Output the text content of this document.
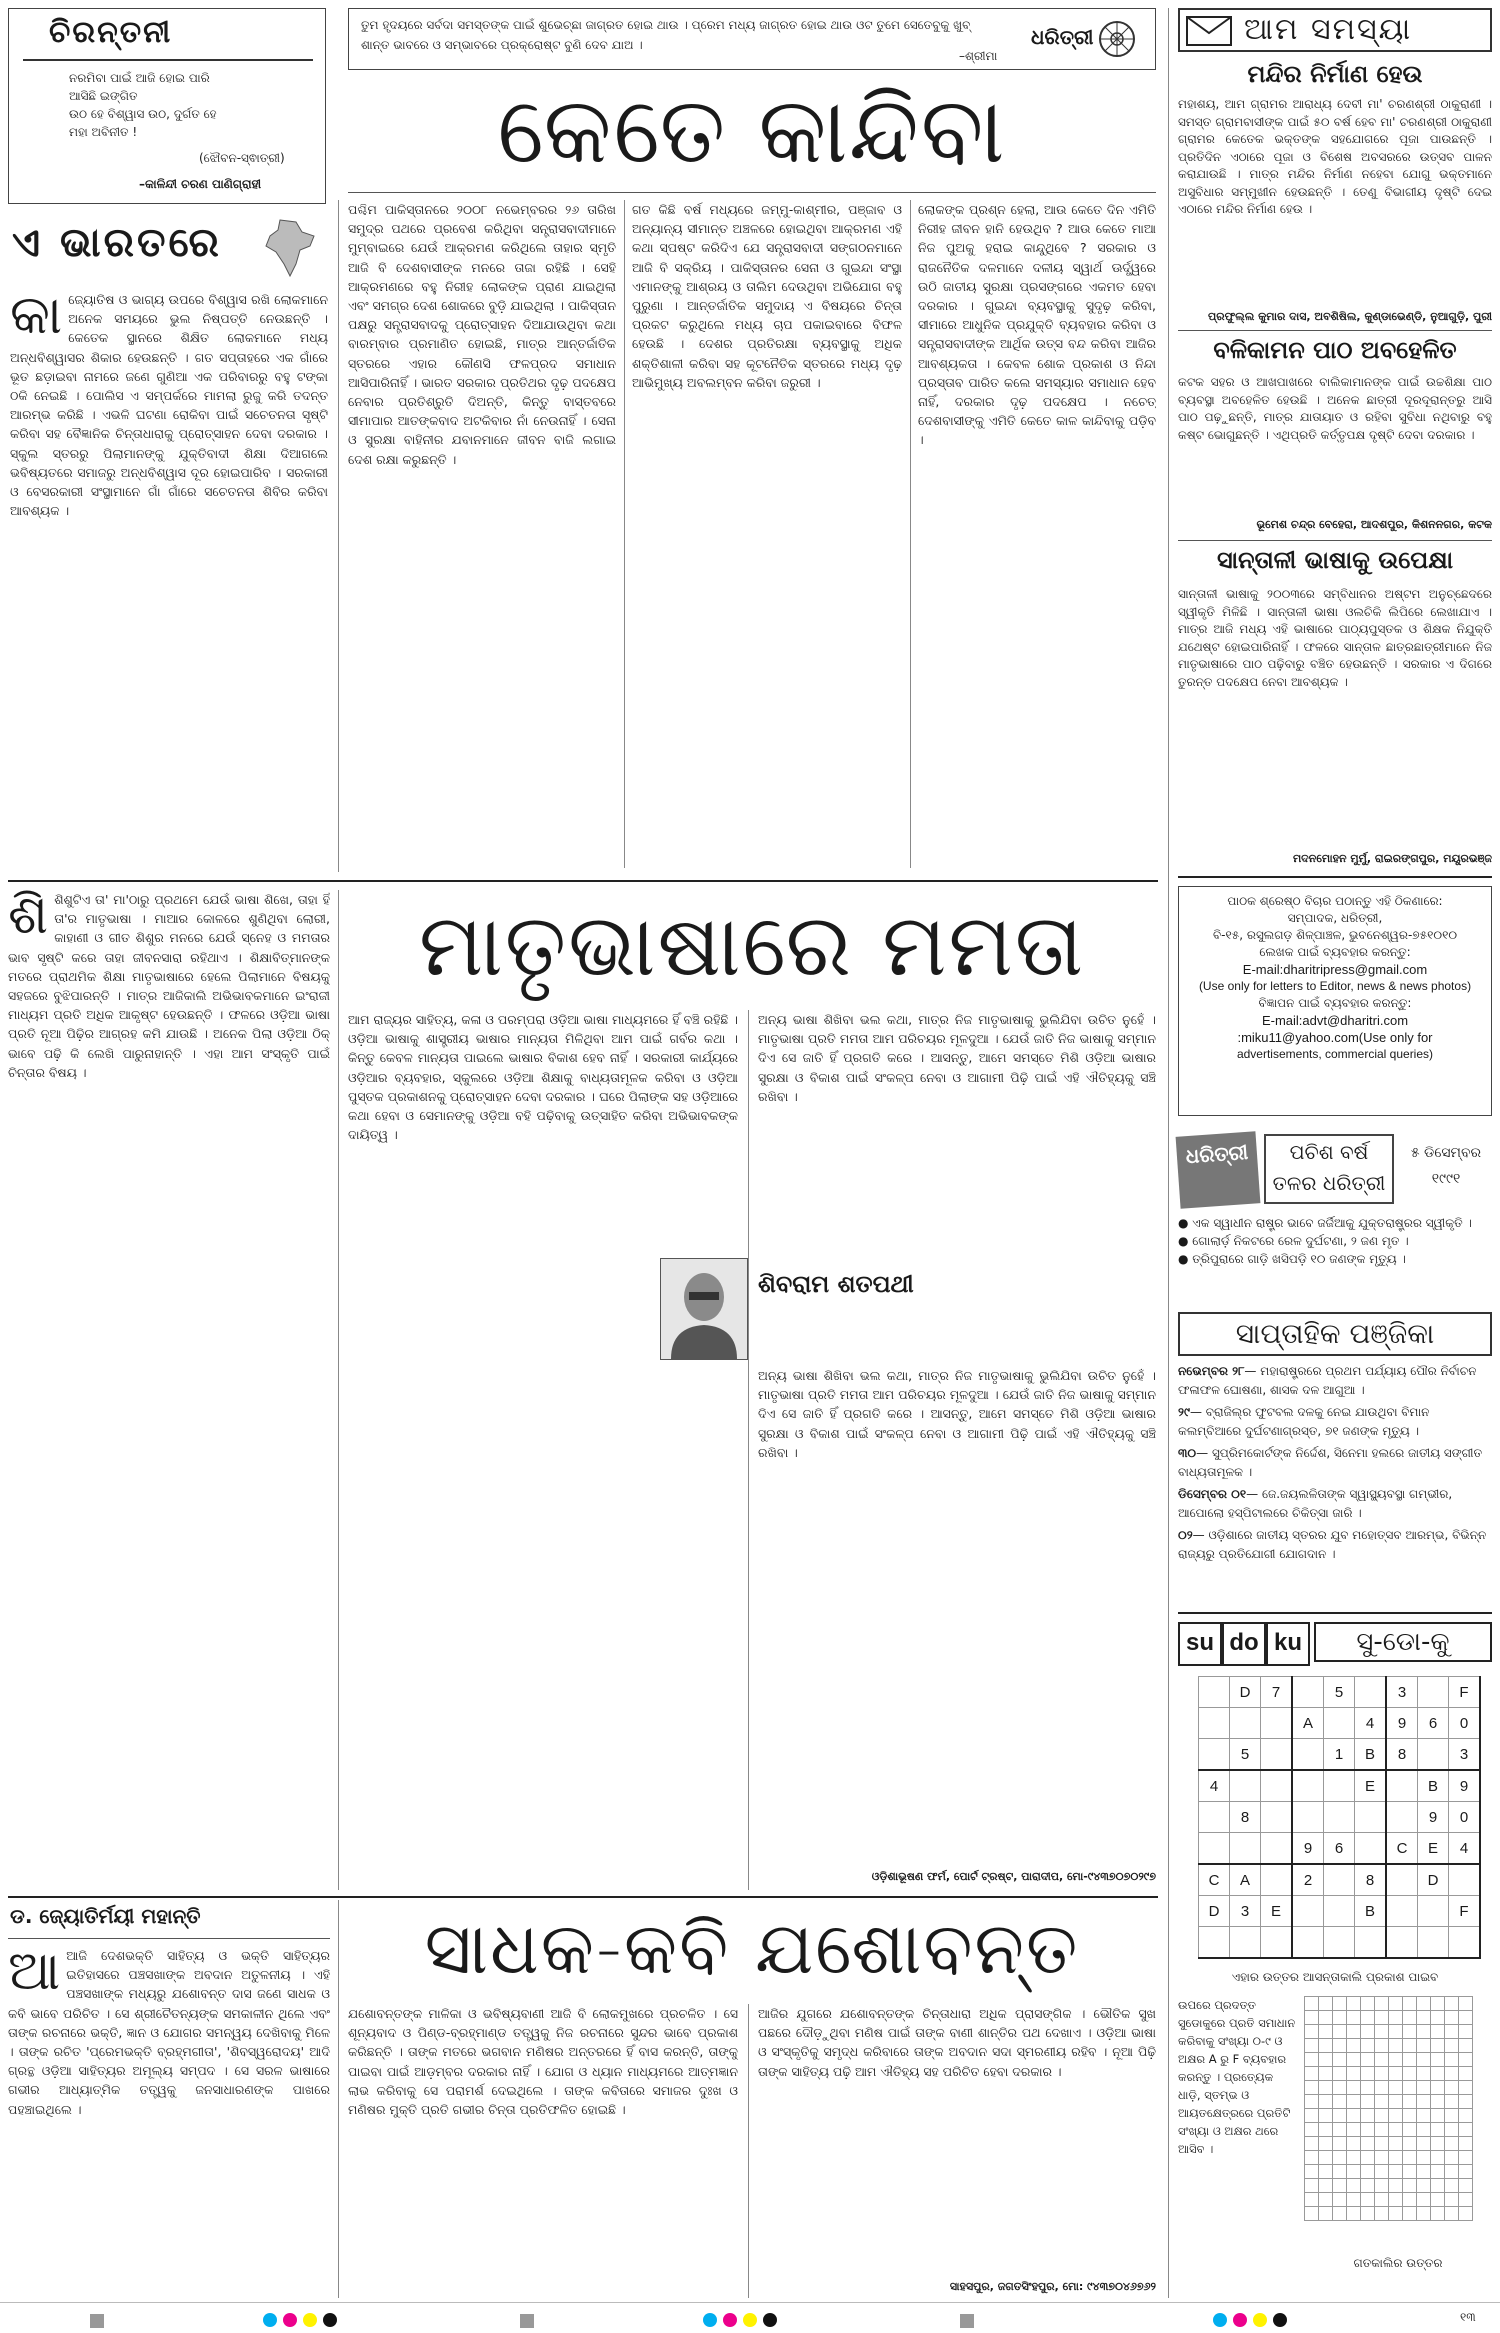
ଚିରନ୍ତନୀ
ନରମିବା ପାଇଁ ଆଜି ହୋଇ ପାରି
ଆସିଛି ଇଙ୍ଗିତ
ଉଠ ହେ ବିଶ୍ୱାସ ଉଠ, ଦୁର୍ଗତ ହେ
ମହା ଅବିନୀତ !
(ଝୌବନ-ସ୍ଵାତ୍ରୀ)
–କାଳିନ୍ଦୀ ଚରଣ ପାଣିଗ୍ରାହୀ
ତୁମ ହୃଦୟରେ ସର୍ବଦା ସମସ୍ତଙ୍କ ପାଇଁ ଶୁଭେଚ୍ଛା ଜାଗ୍ରତ ହୋଇ ଥାଉ । ପ୍ରେମ ମଧ୍ୟ ଜାଗ୍ରତ ହୋଇ ଥାଉ ଓଟ ତୁମେ ସେତେବୁକୁ ଖୁବ୍ ଶାନ୍ତ ଭାବରେ ଓ ସମ୍ଭାବରେ ପ୍ରକ୍ରୋଷ୍ଟ ବୁଣି ଦେବ ଯାଅ ।
–ଶ୍ରୀମା
ଧରିତ୍ରୀ
କେତେ କାନ୍ଦିବା
ଏ ଭାରତରେ

କାଜ୍ୟୋତିଷ ଓ ଭାଗ୍ୟ ଉପରେ ବିଶ୍ୱାସ ରଖି ଲୋକମାନେ ଅନେକ ସମୟରେ ଭୁଲ ନିଷ୍ପତ୍ତି ନେଉଛନ୍ତି । କେତେକ ସ୍ଥାନରେ ଶିକ୍ଷିତ ଲୋକମାନେ ମଧ୍ୟ ଅନ୍ଧବିଶ୍ୱାସର ଶିକାର ହେଉଛନ୍ତି । ଗତ ସପ୍ତାହରେ ଏକ ଗାଁରେ ଭୂତ ଛଡ଼ାଇବା ନାମରେ ଜଣେ ଗୁଣିଆ ଏକ ପରିବାରରୁ ବହୁ ଟଙ୍କା ଠକି ନେଇଛି । ପୋଲିସ ଏ ସମ୍ପର୍କରେ ମାମଲା ରୁଜୁ କରି ତଦନ୍ତ ଆରମ୍ଭ କରିଛି । ଏଭଳି ଘଟଣା ରୋକିବା ପାଇଁ ସଚେତନତା ସୃଷ୍ଟି କରିବା ସହ ବୈଜ୍ଞାନିକ ଚିନ୍ତାଧାରାକୁ ପ୍ରୋତ୍ସାହନ ଦେବା ଦରକାର । ସ୍କୁଲ ସ୍ତରରୁ ପିଲାମାନଙ୍କୁ ଯୁକ୍ତିବାଦୀ ଶିକ୍ଷା ଦିଆଗଲେ ଭବିଷ୍ୟତରେ ସମାଜରୁ ଅନ୍ଧବିଶ୍ୱାସ ଦୂର ହୋଇପାରିବ । ସରକାରୀ ଓ ବେସରକାରୀ ସଂସ୍ଥାମାନେ ଗାଁ ଗାଁରେ ସଚେତନତା ଶିବିର କରିବା ଆବଶ୍ୟକ ।

ପଶ୍ଚିମ ପାକିସ୍ତାନରେ ୨୦୦୮ ନଭେମ୍ବରର ୨୬ ତାରିଖ ସମୁଦ୍ର ପଥରେ ପ୍ରବେଶ କରିଥିବା ସନ୍ତ୍ରାସବାଦୀମାନେ ମୁମ୍ବାଇରେ ଯେଉଁ ଆକ୍ରମଣ କରିଥିଲେ ତାହାର ସ୍ମୃତି ଆଜି ବି ଦେଶବାସୀଙ୍କ ମନରେ ତାଜା ରହିଛି । ସେହି ଆକ୍ରମଣରେ ବହୁ ନିରୀହ ଲୋକଙ୍କ ପ୍ରାଣ ଯାଇଥିଲା ଏବଂ ସମଗ୍ର ଦେଶ ଶୋକରେ ବୁଡ଼ି ଯାଇଥିଲା । ପାକିସ୍ତାନ ପକ୍ଷରୁ ସନ୍ତ୍ରାସବାଦକୁ ପ୍ରୋତ୍ସାହନ ଦିଆଯାଉଥିବା କଥା ବାରମ୍ବାର ପ୍ରମାଣିତ ହୋଇଛି, ମାତ୍ର ଆନ୍ତର୍ଜାତିକ ସ୍ତରରେ ଏହାର କୌଣସି ଫଳପ୍ରଦ ସମାଧାନ ଆସିପାରିନାହିଁ । ଭାରତ ସରକାର ପ୍ରତିଥର ଦୃଢ଼ ପଦକ୍ଷେପ ନେବାର ପ୍ରତିଶ୍ରୁତି ଦିଅନ୍ତି, କିନ୍ତୁ ବାସ୍ତବରେ ସୀମାପାର ଆତଙ୍କବାଦ ଅଟକିବାର ନାଁ ନେଉନାହିଁ । ସେନା ଓ ସୁରକ୍ଷା ବାହିନୀର ଯବାନମାନେ ଜୀବନ ବାଜି ଲଗାଇ ଦେଶ ରକ୍ଷା କରୁଛନ୍ତି ।
ଗତ କିଛି ବର୍ଷ ମଧ୍ୟରେ ଜମ୍ମୁ-କାଶ୍ମୀର, ପଞ୍ଜାବ ଓ ଅନ୍ୟାନ୍ୟ ସୀମାନ୍ତ ଅଞ୍ଚଳରେ ହୋଇଥିବା ଆକ୍ରମଣ ଏହି କଥା ସ୍ପଷ୍ଟ କରିଦିଏ ଯେ ସନ୍ତ୍ରାସବାଦୀ ସଙ୍ଗଠନମାନେ ଆଜି ବି ସକ୍ରିୟ । ପାକିସ୍ତାନର ସେନା ଓ ଗୁଇନ୍ଦା ସଂସ୍ଥା ଏମାନଙ୍କୁ ଆଶ୍ରୟ ଓ ତାଲିମ ଦେଉଥିବା ଅଭିଯୋଗ ବହୁ ପୁରୁଣା । ଆନ୍ତର୍ଜାତିକ ସମୁଦାୟ ଏ ବିଷୟରେ ଚିନ୍ତା ପ୍ରକଟ କରୁଥିଲେ ମଧ୍ୟ ଚାପ ପକାଇବାରେ ବିଫଳ ହେଉଛି । ଦେଶର ପ୍ରତିରକ୍ଷା ବ୍ୟବସ୍ଥାକୁ ଅଧିକ ଶକ୍ତିଶାଳୀ କରିବା ସହ କୂଟନୈତିକ ସ୍ତରରେ ମଧ୍ୟ ଦୃଢ଼ ଆଭିମୁଖ୍ୟ ଅବଲମ୍ବନ କରିବା ଜରୁରୀ ।
ଲୋକଙ୍କ ପ୍ରଶ୍ନ ହେଲା, ଆଉ କେତେ ଦିନ ଏମିତି ନିରୀହ ଜୀବନ ହାନି ହେଉଥିବ ? ଆଉ କେତେ ମାଆ ନିଜ ପୁଅକୁ ହରାଇ କାନ୍ଦୁଥିବେ ? ସରକାର ଓ ରାଜନୈତିକ ଦଳମାନେ ଦଳୀୟ ସ୍ୱାର୍ଥ ଊର୍ଦ୍ଧ୍ୱରେ ଉଠି ଜାତୀୟ ସୁରକ୍ଷା ପ୍ରସଙ୍ଗରେ ଏକମତ ହେବା ଦରକାର । ଗୁଇନ୍ଦା ବ୍ୟବସ୍ଥାକୁ ସୁଦୃଢ଼ କରିବା, ସୀମାରେ ଆଧୁନିକ ପ୍ରଯୁକ୍ତି ବ୍ୟବହାର କରିବା ଓ ସନ୍ତ୍ରାସବାଦୀଙ୍କ ଆର୍ଥିକ ଉତ୍ସ ବନ୍ଦ କରିବା ଆଜିର ଆବଶ୍ୟକତା । କେବଳ ଶୋକ ପ୍ରକାଶ ଓ ନିନ୍ଦା ପ୍ରସ୍ତାବ ପାରିତ କଲେ ସମସ୍ୟାର ସମାଧାନ ହେବ ନାହିଁ, ଦରକାର ଦୃଢ଼ ପଦକ୍ଷେପ । ନଚେତ୍ ଦେଶବାସୀଙ୍କୁ ଏମିତି କେତେ କାଳ କାନ୍ଦିବାକୁ ପଡ଼ିବ ।
ଆମ ସମସ୍ୟା
ମନ୍ଦିର ନିର୍ମାଣ ହେଉ
ମହାଶୟ, ଆମ ଗ୍ରାମର ଆରାଧ୍ୟ ଦେବୀ ମା' ଚରଣଶ୍ରୀ ଠାକୁରାଣୀ । ସମସ୍ତ ଗ୍ରାମବାସୀଙ୍କ ପାଇଁ ୫୦ ବର୍ଷ ହେବ ମା' ଚରଣଶ୍ରୀ ଠାକୁରାଣୀ ଗ୍ରାମର କେତେକ ଭକ୍ତଙ୍କ ସହଯୋଗରେ ପୂଜା ପାଉଛନ୍ତି । ପ୍ରତିଦିନ ଏଠାରେ ପୂଜା ଓ ବିଶେଷ ଅବସରରେ ଉତ୍ସବ ପାଳନ କରାଯାଉଛି । ମାତ୍ର ମନ୍ଦିର ନିର୍ମାଣ ନହେବା ଯୋଗୁ ଭକ୍ତମାନେ ଅସୁବିଧାର ସମ୍ମୁଖୀନ ହେଉଛନ୍ତି । ତେଣୁ ବିଭାଗୀୟ ଦୃଷ୍ଟି ଦେଇ ଏଠାରେ ମନ୍ଦିର ନିର୍ମାଣ ହେଉ ।
ପ୍ରଫୁଲ୍ଲ କୁମାର ଦାସ, ଅବଶିଷିଲ, କୁଣ୍ଡାଭେଣ୍ଡି, ନୁଆଗୁଡ଼ି, ପୁରୀ
ବଳିକାମନ ପାଠ ଅବହେଳିତ
କଟକ ସହର ଓ ଆଖପାଖରେ ବାଲିକାମାନଙ୍କ ପାଇଁ ଉଚ୍ଚଶିକ୍ଷା ପାଠ ବ୍ୟବସ୍ଥା ଅବହେଳିତ ହେଉଛି । ଅନେକ ଛାତ୍ରୀ ଦୂରଦୂରାନ୍ତରୁ ଆସି ପାଠ ପଢ଼ୁଛନ୍ତି, ମାତ୍ର ଯାତାୟାତ ଓ ରହିବା ସୁବିଧା ନଥିବାରୁ ବହୁ କଷ୍ଟ ଭୋଗୁଛନ୍ତି । ଏଥିପ୍ରତି କର୍ତ୍ତୃପକ୍ଷ ଦୃଷ୍ଟି ଦେବା ଦରକାର ।
ଭୂମେଶ ଚନ୍ଦ୍ର ବେହେରା, ଆଦଶପୁର, କିଶନନଗର, କଟକ
ସାନ୍ତାଳୀ ଭାଷାକୁ ଉପେକ୍ଷା
ସାନ୍ତାଳୀ ଭାଷାକୁ ୨୦୦୩ରେ ସମ୍ବିଧାନର ଅଷ୍ଟମ ଅନୁଚ୍ଛେଦରେ ସ୍ୱୀକୃତି ମିଳିଛି । ସାନ୍ତାଳୀ ଭାଷା ଓଲଚିକି ଲିପିରେ ଲେଖାଯାଏ । ମାତ୍ର ଆଜି ମଧ୍ୟ ଏହି ଭାଷାରେ ପାଠ୍ୟପୁସ୍ତକ ଓ ଶିକ୍ଷକ ନିଯୁକ୍ତି ଯଥେଷ୍ଟ ହୋଇପାରିନାହିଁ । ଫଳରେ ସାନ୍ତାଳ ଛାତ୍ରଛାତ୍ରୀମାନେ ନିଜ ମାତୃଭାଷାରେ ପାଠ ପଢ଼ିବାରୁ ବଞ୍ଚିତ ହେଉଛନ୍ତି । ସରକାର ଏ ଦିଗରେ ତୁରନ୍ତ ପଦକ୍ଷେପ ନେବା ଆବଶ୍ୟକ ।
ମଦନମୋହନ ମୁର୍ମୁ, ରାଇରଙ୍ଗପୁର, ମୟୂରଭଞ୍ଜ

ଶିଶିଶୁଟିଏ ତା' ମା'ଠାରୁ ପ୍ରଥମେ ଯେଉଁ ଭାଷା ଶିଖେ, ତାହା ହିଁ ତା'ର ମାତୃଭାଷା । ମାଆର କୋଳରେ ଶୁଣିଥିବା ଲୋରୀ, କାହାଣୀ ଓ ଗୀତ ଶିଶୁର ମନରେ ଯେଉଁ ସ୍ନେହ ଓ ମମତାର ଭାବ ସୃଷ୍ଟି କରେ ତାହା ଜୀବନସାରା ରହିଥାଏ । ଶିକ୍ଷାବିତ୍‌ମାନଙ୍କ ମତରେ ପ୍ରାଥମିକ ଶିକ୍ଷା ମାତୃଭାଷାରେ ହେଲେ ପିଲାମାନେ ବିଷୟକୁ ସହଜରେ ବୁଝିପାରନ୍ତି । ମାତ୍ର ଆଜିକାଲି ଅଭିଭାବକମାନେ ଇଂରାଜୀ ମାଧ୍ୟମ ପ୍ରତି ଅଧିକ ଆକୃଷ୍ଟ ହେଉଛନ୍ତି । ଫଳରେ ଓଡ଼ିଆ ଭାଷା ପ୍ରତି ନୂଆ ପିଢ଼ିର ଆଗ୍ରହ କମି ଯାଉଛି । ଅନେକ ପିଲା ଓଡ଼ିଆ ଠିକ୍ ଭାବେ ପଢ଼ି କି ଲେଖି ପାରୁନାହାନ୍ତି । ଏହା ଆମ ସଂସ୍କୃତି ପାଇଁ ଚିନ୍ତାର ବିଷୟ ।

ମାତୃଭାଷାରେ ମମତା
ଆମ ରାଜ୍ୟର ସାହିତ୍ୟ, କଳା ଓ ପରମ୍ପରା ଓଡ଼ିଆ ଭାଷା ମାଧ୍ୟମରେ ହିଁ ବଞ୍ଚି ରହିଛି । ଓଡ଼ିଆ ଭାଷାକୁ ଶାସ୍ତ୍ରୀୟ ଭାଷାର ମାନ୍ୟତା ମିଳିଥିବା ଆମ ପାଇଁ ଗର୍ବର କଥା । କିନ୍ତୁ କେବଳ ମାନ୍ୟତା ପାଇଲେ ଭାଷାର ବିକାଶ ହେବ ନାହିଁ । ସରକାରୀ କାର୍ଯ୍ୟରେ ଓଡ଼ିଆର ବ୍ୟବହାର, ସ୍କୁଲରେ ଓଡ଼ିଆ ଶିକ୍ଷାକୁ ବାଧ୍ୟତାମୂଳକ କରିବା ଓ ଓଡ଼ିଆ ପୁସ୍ତକ ପ୍ରକାଶନକୁ ପ୍ରୋତ୍ସାହନ ଦେବା ଦରକାର । ଘରେ ପିଲାଙ୍କ ସହ ଓଡ଼ିଆରେ କଥା ହେବା ଓ ସେମାନଙ୍କୁ ଓଡ଼ିଆ ବହି ପଢ଼ିବାକୁ ଉତ୍ସାହିତ କରିବା ଅଭିଭାବକଙ୍କ ଦାୟିତ୍ୱ ।
ଅନ୍ୟ ଭାଷା ଶିଖିବା ଭଲ କଥା, ମାତ୍ର ନିଜ ମାତୃଭାଷାକୁ ଭୁଲିଯିବା ଉଚିତ ନୁହେଁ । ମାତୃଭାଷା ପ୍ରତି ମମତା ଆମ ପରିଚୟର ମୂଳଦୁଆ । ଯେଉଁ ଜାତି ନିଜ ଭାଷାକୁ ସମ୍ମାନ ଦିଏ ସେ ଜାତି ହିଁ ପ୍ରଗତି କରେ । ଆସନ୍ତୁ, ଆମେ ସମସ୍ତେ ମିଶି ଓଡ଼ିଆ ଭାଷାର ସୁରକ୍ଷା ଓ ବିକାଶ ପାଇଁ ସଂକଳ୍ପ ନେବା ଓ ଆଗାମୀ ପିଢ଼ି ପାଇଁ ଏହି ଐତିହ୍ୟକୁ ସଞ୍ଚି ରଖିବା ।
ଶିବରାମ ଶତପଥୀ

ଅନ୍ୟ ଭାଷା ଶିଖିବା ଭଲ କଥା, ମାତ୍ର ନିଜ ମାତୃଭାଷାକୁ ଭୁଲିଯିବା ଉଚିତ ନୁହେଁ । ମାତୃଭାଷା ପ୍ରତି ମମତା ଆମ ପରିଚୟର ମୂଳଦୁଆ । ଯେଉଁ ଜାତି ନିଜ ଭାଷାକୁ ସମ୍ମାନ ଦିଏ ସେ ଜାତି ହିଁ ପ୍ରଗତି କରେ । ଆସନ୍ତୁ, ଆମେ ସମସ୍ତେ ମିଶି ଓଡ଼ିଆ ଭାଷାର ସୁରକ୍ଷା ଓ ବିକାଶ ପାଇଁ ସଂକଳ୍ପ ନେବା ଓ ଆଗାମୀ ପିଢ଼ି ପାଇଁ ଏହି ଐତିହ୍ୟକୁ ସଞ୍ଚି ରଖିବା ।

ଓଡ଼ିଶାଭୂଷଣ ଫର୍ମ, ପୋର୍ଟ ଟ୍ରଷ୍ଟ, ପାରାଦୀପ, ମୋ-୯୪୩୭୦୭୦୨୯୭
ପାଠକ ଶ୍ରେଷ୍ଠ ବିଚାର ପଠାନ୍ତୁ ଏହି ଠିକଣାରେ:
ସମ୍ପାଦକ, ଧରିତ୍ରୀ,
ବି-୧୫, ରସୁଲଗଡ଼ ଶିଳ୍ପାଞ୍ଚଳ, ଭୁବନେଶ୍ୱର-୭୫୧୦୧୦
ଲେଖକ ପାଇଁ ବ୍ୟବହାର କରନ୍ତୁ:
E-mail:dharitripress@gmail.com
(Use only for letters to Editor, news & news photos)
ବିଜ୍ଞାପନ ପାଇଁ ବ୍ୟବହାର କରନ୍ତୁ:
E-mail:advt@dharitri.com
:miku11@yahoo.com(Use only for
advertisements, commercial queries)
ଧରିତ୍ରୀ	ପଚିଶ ବର୍ଷ
ତଳର ଧରିତ୍ରୀ
୫ ଡିସେମ୍ବର
୧୯୯୧
● ଏକ ସ୍ୱାଧୀନ ରାଷ୍ଟ୍ର ଭାବେ ଜର୍ଜିଆକୁ ଯୁକ୍ତରାଷ୍ଟ୍ରର ସ୍ୱୀକୃତି ।
● ଗୋଲାର୍ଡ଼ ନିକଟରେ ରେଳ ଦୁର୍ଘଟଣା, ୨ ଜଣ ମୃତ ।
● ତ୍ରିପୁରାରେ ଗାଡ଼ି ଖସିପଡ଼ି ୧୦ ଜଣଙ୍କ ମୃତ୍ୟୁ ।
ସାପ୍ତାହିକ ପଞ୍ଜିକା
ନଭେମ୍ବର ୨୮— ମହାରାଷ୍ଟ୍ରରେ ପ୍ରଥମ ପର୍ଯ୍ୟାୟ ପୌର ନିର୍ବାଚନ ଫଳାଫଳ ଘୋଷଣା, ଶାସକ ଦଳ ଆଗୁଆ ।
୨୯— ବ୍ରାଜିଲ୍‌ର ଫୁଟବଲ ଦଳକୁ ନେଇ ଯାଉଥିବା ବିମାନ କଲମ୍ବିଆରେ ଦୁର୍ଘଟଣାଗ୍ରସ୍ତ, ୭୧ ଜଣଙ୍କ ମୃତ୍ୟୁ ।
୩୦— ସୁପ୍ରିମକୋର୍ଟଙ୍କ ନିର୍ଦ୍ଦେଶ, ସିନେମା ହଲରେ ଜାତୀୟ ସଙ୍ଗୀତ ବାଧ୍ୟତାମୂଳକ ।
ଡିସେମ୍ବର ୦୧— ଜେ.ଜୟଲଳିତାଙ୍କ ସ୍ୱାସ୍ଥ୍ୟବସ୍ଥା ଗମ୍ଭୀର, ଆପୋଲୋ ହସ୍ପିଟାଲରେ ଚିକିତ୍ସା ଜାରି ।
୦୨— ଓଡ଼ିଶାରେ ଜାତୀୟ ସ୍ତରର ଯୁବ ମହୋତ୍ସବ ଆରମ୍ଭ, ବିଭିନ୍ନ ରାଜ୍ୟରୁ ପ୍ରତିଯୋଗୀ ଯୋଗଦାନ ।
su do ku	ସୁ-ଡୋ-କୁ
	D	7		5		3		F
			A		4	9	6	0
	5			1	B	8		3
4					E		B	9
	8						9	0
			9	6		C	E	4
C	A		2		8		D	
D	3	E			B			F

ଏହାର ଉତ୍ତର ଆସନ୍ତାକାଲି ପ୍ରକାଶ ପାଇବ
ଉପରେ ପ୍ରଦତ୍ତ ସୁଡୋକୁରେ ପ୍ରତି ସମାଧାନ କରିବାକୁ ସଂଖ୍ୟା ୦-୯ ଓ ଅକ୍ଷର A ରୁ F ବ୍ୟବହାର କରନ୍ତୁ । ପ୍ରତ୍ୟେକ ଧାଡ଼ି, ସ୍ତମ୍ଭ ଓ ଆୟତକ୍ଷେତ୍ରରେ ପ୍ରତିଟି ସଂଖ୍ୟା ଓ ଅକ୍ଷର ଥରେ ଆସିବ ।

ଗତକାଲିର ଉତ୍ତର
ଡ. ଜ୍ୟୋତିର୍ମୟୀ ମହାନ୍ତି	ସାଧକ-କବି ଯଶୋବନ୍ତ

ଆଆଜି ଦେଶଭକ୍ତି ସାହିତ୍ୟ ଓ ଭକ୍ତି ସାହିତ୍ୟର ଇତିହାସରେ ପଞ୍ଚସଖାଙ୍କ ଅବଦାନ ଅତୁଳନୀୟ । ଏହି ପଞ୍ଚସଖାଙ୍କ ମଧ୍ୟରୁ ଯଶୋବନ୍ତ ଦାସ ଜଣେ ସାଧକ ଓ କବି ଭାବେ ପରିଚିତ । ସେ ଶ୍ରୀଚୈତନ୍ୟଙ୍କ ସମକାଳୀନ ଥିଲେ ଏବଂ ତାଙ୍କ ରଚନାରେ ଭକ୍ତି, ଜ୍ଞାନ ଓ ଯୋଗର ସମନ୍ୱୟ ଦେଖିବାକୁ ମିଳେ । ତାଙ୍କ ରଚିତ 'ପ୍ରେମଭକ୍ତି ବ୍ରହ୍ମଗୀତା', 'ଶିବସ୍ୱରୋଦୟ' ଆଦି ଗ୍ରନ୍ଥ ଓଡ଼ିଆ ସାହିତ୍ୟର ଅମୂଲ୍ୟ ସମ୍ପଦ । ସେ ସରଳ ଭାଷାରେ ଗଭୀର ଆଧ୍ୟାତ୍ମିକ ତତ୍ତ୍ୱକୁ ଜନସାଧାରଣଙ୍କ ପାଖରେ ପହଞ୍ଚାଇଥିଲେ ।

ଯଶୋବନ୍ତଙ୍କ ମାଳିକା ଓ ଭବିଷ୍ୟବାଣୀ ଆଜି ବି ଲୋକମୁଖରେ ପ୍ରଚଳିତ । ସେ ଶୂନ୍ୟବାଦ ଓ ପିଣ୍ଡ-ବ୍ରହ୍ମାଣ୍ଡ ତତ୍ତ୍ୱକୁ ନିଜ ରଚନାରେ ସୁନ୍ଦର ଭାବେ ପ୍ରକାଶ କରିଛନ୍ତି । ତାଙ୍କ ମତରେ ଭଗବାନ ମଣିଷର ଅନ୍ତରରେ ହିଁ ବାସ କରନ୍ତି, ତାଙ୍କୁ ପାଇବା ପାଇଁ ଆଡ଼ମ୍ବର ଦରକାର ନାହିଁ । ଯୋଗ ଓ ଧ୍ୟାନ ମାଧ୍ୟମରେ ଆତ୍ମଜ୍ଞାନ ଲାଭ କରିବାକୁ ସେ ପରାମର୍ଶ ଦେଇଥିଲେ । ତାଙ୍କ କବିତାରେ ସମାଜର ଦୁଃଖ ଓ ମଣିଷର ମୁକ୍ତି ପ୍ରତି ଗଭୀର ଚିନ୍ତା ପ୍ରତିଫଳିତ ହୋଇଛି ।
ଆଜିର ଯୁଗରେ ଯଶୋବନ୍ତଙ୍କ ଚିନ୍ତାଧାରା ଅଧିକ ପ୍ରାସଙ୍ଗିକ । ଭୌତିକ ସୁଖ ପଛରେ ଦୌଡ଼ୁଥିବା ମଣିଷ ପାଇଁ ତାଙ୍କ ବାଣୀ ଶାନ୍ତିର ପଥ ଦେଖାଏ । ଓଡ଼ିଆ ଭାଷା ଓ ସଂସ୍କୃତିକୁ ସମୃଦ୍ଧ କରିବାରେ ତାଙ୍କ ଅବଦାନ ସଦା ସ୍ମରଣୀୟ ରହିବ । ନୂଆ ପିଢ଼ି ତାଙ୍କ ସାହିତ୍ୟ ପଢ଼ି ଆମ ଐତିହ୍ୟ ସହ ପରିଚିତ ହେବା ଦରକାର ।
ସାହସପୁର, ଜଗତସିଂହପୁର, ମୋ: ୯୪୩୭୦୪୬୭୬୨
୧୩
